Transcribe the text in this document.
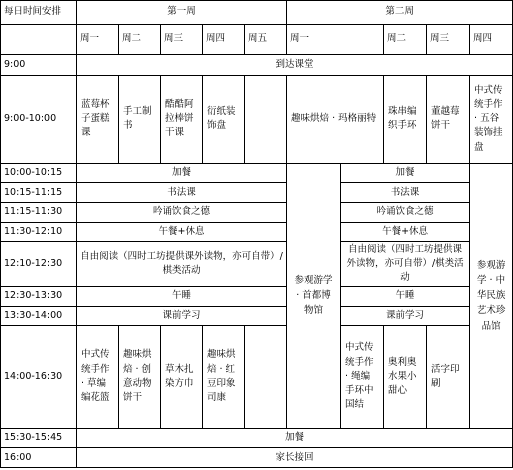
每日时间安排	第一周					第二周					
	周一	周二	周三	周四	周五	周一		周二	周三	周四	
9:00	到达课堂										
9:00-10:00	蓝莓杯子蛋糕课	手工制书	酷酷阿拉棒饼干课	衍纸装饰盘		趣味烘焙 · 玛格丽特		珠串编织手环	董越莓饼干	中式传统手作 · 五谷装饰挂盘	
10:00-10:15	加餐					参观游学 · 首都博物馆	加餐			参观游学 · 中华民族艺术珍品馆	
10:15-11:15	书法课						书法课				
11:15-11:30	吟诵饮食之德						吟诵饮食之德				
11:30-12:10	午餐+休息						午餐+休息				
12:10-12:30	自由阅读（四时工坊提供课外读物，亦可自带）/棋类活动						自由阅读（四时工坊提供课外读物，亦可自带）/棋类活动				
12:30-13:30	午睡						午睡				
13:30-14:00	课前学习						课前学习				
14:00-16:30	中式传统手作 · 草编编花篮	趣味烘焙 · 创意动物饼干	草木扎染方巾	趣味烘焙 · 红豆印象司康			中式传统手作 · 绳编手环中国结	奥利奥水果小甜心	活字印刷		
15:30-15:45	加餐										
16:00	家长接回										
